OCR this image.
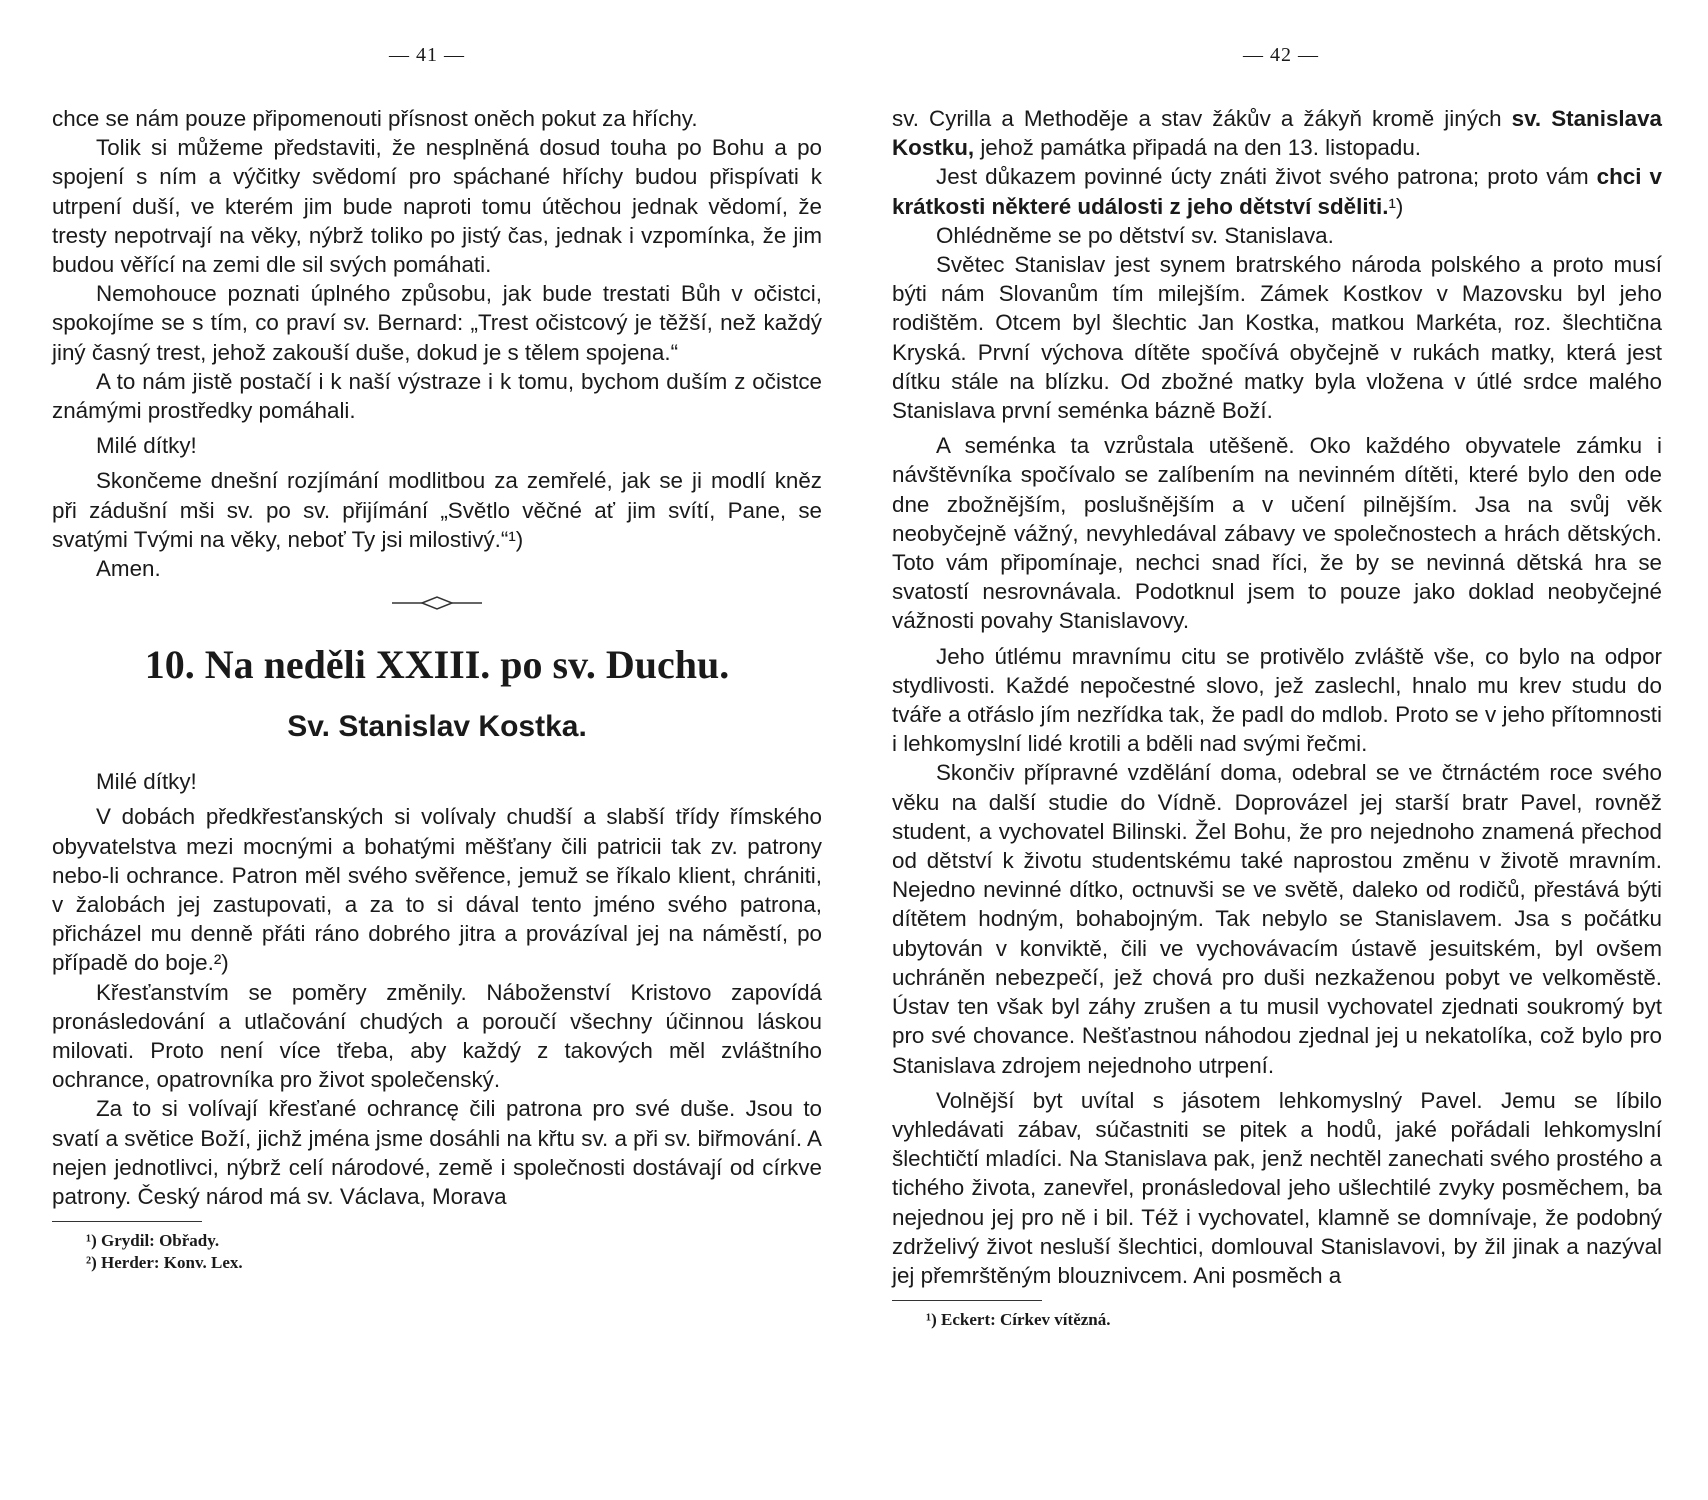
— 41 —

chce se nám pouze připomenouti přísnost oněch pokut za hříchy.

Tolik si můžeme představiti, že nesplněná dosud touha po Bohu a po spojení s ním a výčitky svědomí pro spáchané hříchy budou přispívati k utrpení duší, ve kterém jim bude naproti tomu útěchou jednak vědomí, že tresty nepotrvají na věky, nýbrž toliko po jistý čas, jednak i vzpomínka, že jim budou věřící na zemi dle sil svých pomáhati.

Nemohouce poznati úplného způsobu, jak bude trestati Bůh v očistci, spokojíme se s tím, co praví sv. Bernard: „Trest očistcový je těžší, než každý jiný časný trest, jehož zakouší duše, dokud je s tělem spojena.“

A to nám jistě postačí i k naší výstraze i k tomu, bychom duším z očistce známými prostředky pomáhali.

Milé dítky!

Skončeme dnešní rozjímání modlitbou za zemřelé, jak se ji modlí kněz při zádušní mši sv. po sv. přijímání „Světlo věčné ať jim svítí, Pane, se svatými Tvými na věky, neboť Ty jsi milostivý.“¹)

Amen.

10. Na neděli XXIII. po sv. Duchu.
Sv. Stanislav Kostka.

Milé dítky!

V dobách předkřesťanských si volívaly chudší a slabší třídy římského obyvatelstva mezi mocnými a bohatými měšťany čili patricii tak zv. patrony nebo-li ochrance. Patron měl svého svěřence, jemuž se říkalo klient, chrániti, v žalobách jej zastupovati, a za to si dával tento jméno svého patrona, přicházel mu denně přáti ráno dobrého jitra a provázíval jej na náměstí, po případě do boje.²)

Křesťanstvím se poměry změnily. Náboženství Kristovo zapovídá pronásledování a utlačování chudých a poroučí všechny účinnou láskou milovati. Proto není více třeba, aby každý z takových měl zvláštního ochrance, opatrovníka pro život společenský.

Za to si volívají křesťané ochrancę čili patrona pro své duše. Jsou to svatí a světice Boží, jichž jména jsme dosáhli na křtu sv. a při sv. biřmování. A nejen jednotlivci, nýbrž celí národové, země i společnosti dostávají od církve patrony. Český národ má sv. Václava, Morava

¹) Grydil: Obřady.
²) Herder: Konv. Lex.
— 42 —

sv. Cyrilla a Methoděje a stav žákův a žákyň kromě jiných sv. Stanislava Kostku, jehož památka připadá na den 13. listopadu.

Jest důkazem povinné úcty znáti život svého patrona; proto vám chci v krátkosti některé události z jeho dětství sděliti.¹)

Ohlédněme se po dětství sv. Stanislava.

Světec Stanislav jest synem bratrského národa polského a proto musí býti nám Slovanům tím milejším. Zámek Kostkov v Mazovsku byl jeho rodištěm. Otcem byl šlechtic Jan Kostka, matkou Markéta, roz. šlechtična Kryská. První výchova dítěte spočívá obyčejně v rukách matky, která jest dítku stále na blízku. Od zbožné matky byla vložena v útlé srdce malého Stanislava první seménka bázně Boží.

A seménka ta vzrůstala utěšeně. Oko každého obyvatele zámku i návštěvníka spočívalo se zalíbením na nevinném dítěti, které bylo den ode dne zbožnějším, poslušnějším a v učení pilnějším. Jsa na svůj věk neobyčejně vážný, nevyhledával zábavy ve společnostech a hrách dětských. Toto vám připomínaje, nechci snad říci, že by se nevinná dětská hra se svatostí nesrovnávala. Podotknul jsem to pouze jako doklad neobyčejné vážnosti povahy Stanislavovy.

Jeho útlému mravnímu citu se protivělo zvláště vše, co bylo na odpor stydlivosti. Každé nepočestné slovo, jež zaslechl, hnalo mu krev studu do tváře a otřáslo jím nezřídka tak, že padl do mdlob. Proto se v jeho přítomnosti i lehkomyslní lidé krotili a bděli nad svými řečmi.

Skončiv přípravné vzdělání doma, odebral se ve čtrnáctém roce svého věku na další studie do Vídně. Doprovázel jej starší bratr Pavel, rovněž student, a vychovatel Bilinski. Žel Bohu, že pro nejednoho znamená přechod od dětství k životu studentskému také naprostou změnu v životě mravním. Nejedno nevinné dítko, octnuvši se ve světě, daleko od rodičů, přestává býti dítětem hodným, bohabojným. Tak nebylo se Stanislavem. Jsa s počátku ubytován v konviktě, čili ve vychovávacím ústavě jesuitském, byl ovšem uchráněn nebezpečí, jež chová pro duši nezkaženou pobyt ve velkoměstě. Ústav ten však byl záhy zrušen a tu musil vychovatel zjednati soukromý byt pro své chovance. Nešťastnou náhodou zjednal jej u nekatolíka, což bylo pro Stanislava zdrojem nejednoho utrpení.

Volnější byt uvítal s jásotem lehkomyslný Pavel. Jemu se líbilo vyhledávati zábav, súčastniti se pitek a hodů, jaké pořádali lehkomyslní šlechtičtí mladíci. Na Stanislava pak, jenž nechtěl zanechati svého prostého a tichého života, zanevřel, pronásledoval jeho ušlechtilé zvyky posměchem, ba nejednou jej pro ně i bil. Též i vychovatel, klamně se domnívaje, že podobný zdrželivý život nesluší šlechtici, domlouval Stanislavovi, by žil jinak a nazýval jej přemrštěným blouznivcem. Ani posměch a

¹) Eckert: Církev vítězná.
